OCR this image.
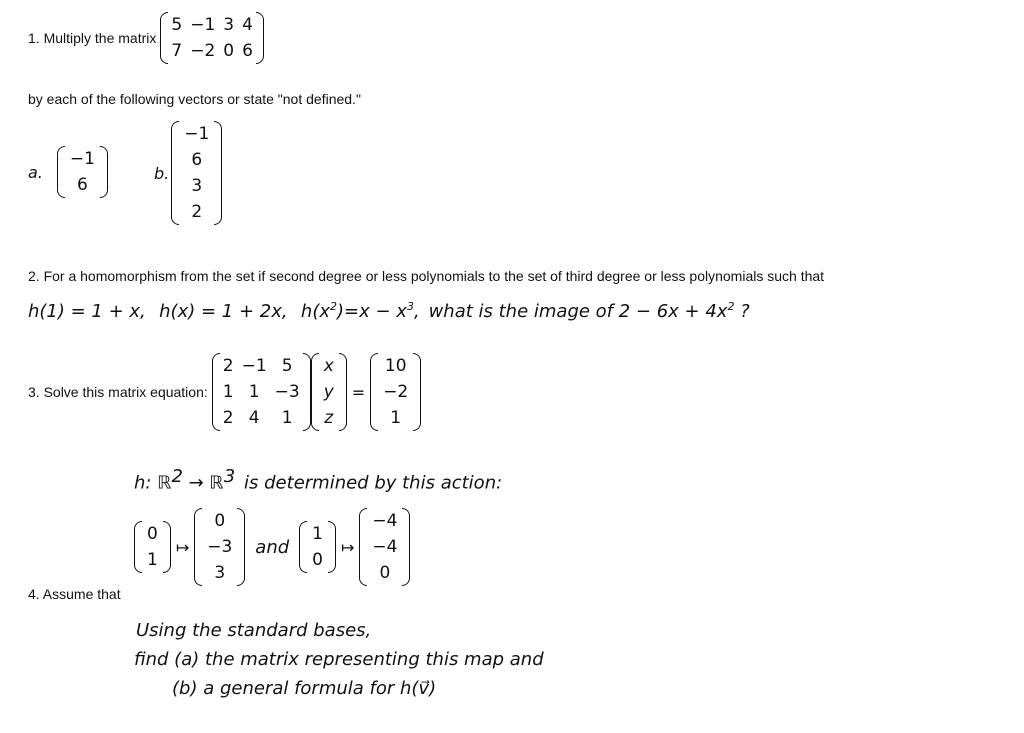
1. Multiply the matrix
5	−1	3	4
7	−2	0	6
by each of the following vectors or state "not defined."
a.
−1
6
b.
−1
6
3
2
2. For a homomorphism from the set if second degree or less polynomials to the set of third degree or less polynomials such that
h(1) = 1 + x, h(x) = 1 + 2x, $h(x^2)=x - x^3$, what is the image of $2 - 6x + 4x^2$ ?
3. Solve this matrix equation:
2	−1	5
1	1	−3
2	4	1
x
y
z
=
10
−2
1
h: ℝ$^2$ → ℝ$^3$ is determined by this action:
0
1
↦
0
−3
3
and
1
0
↦
−4
−4
0
4. Assume that
Using the standard bases,
find (a) the matrix representing this map and
(b) a general formula for h(v⃗)
